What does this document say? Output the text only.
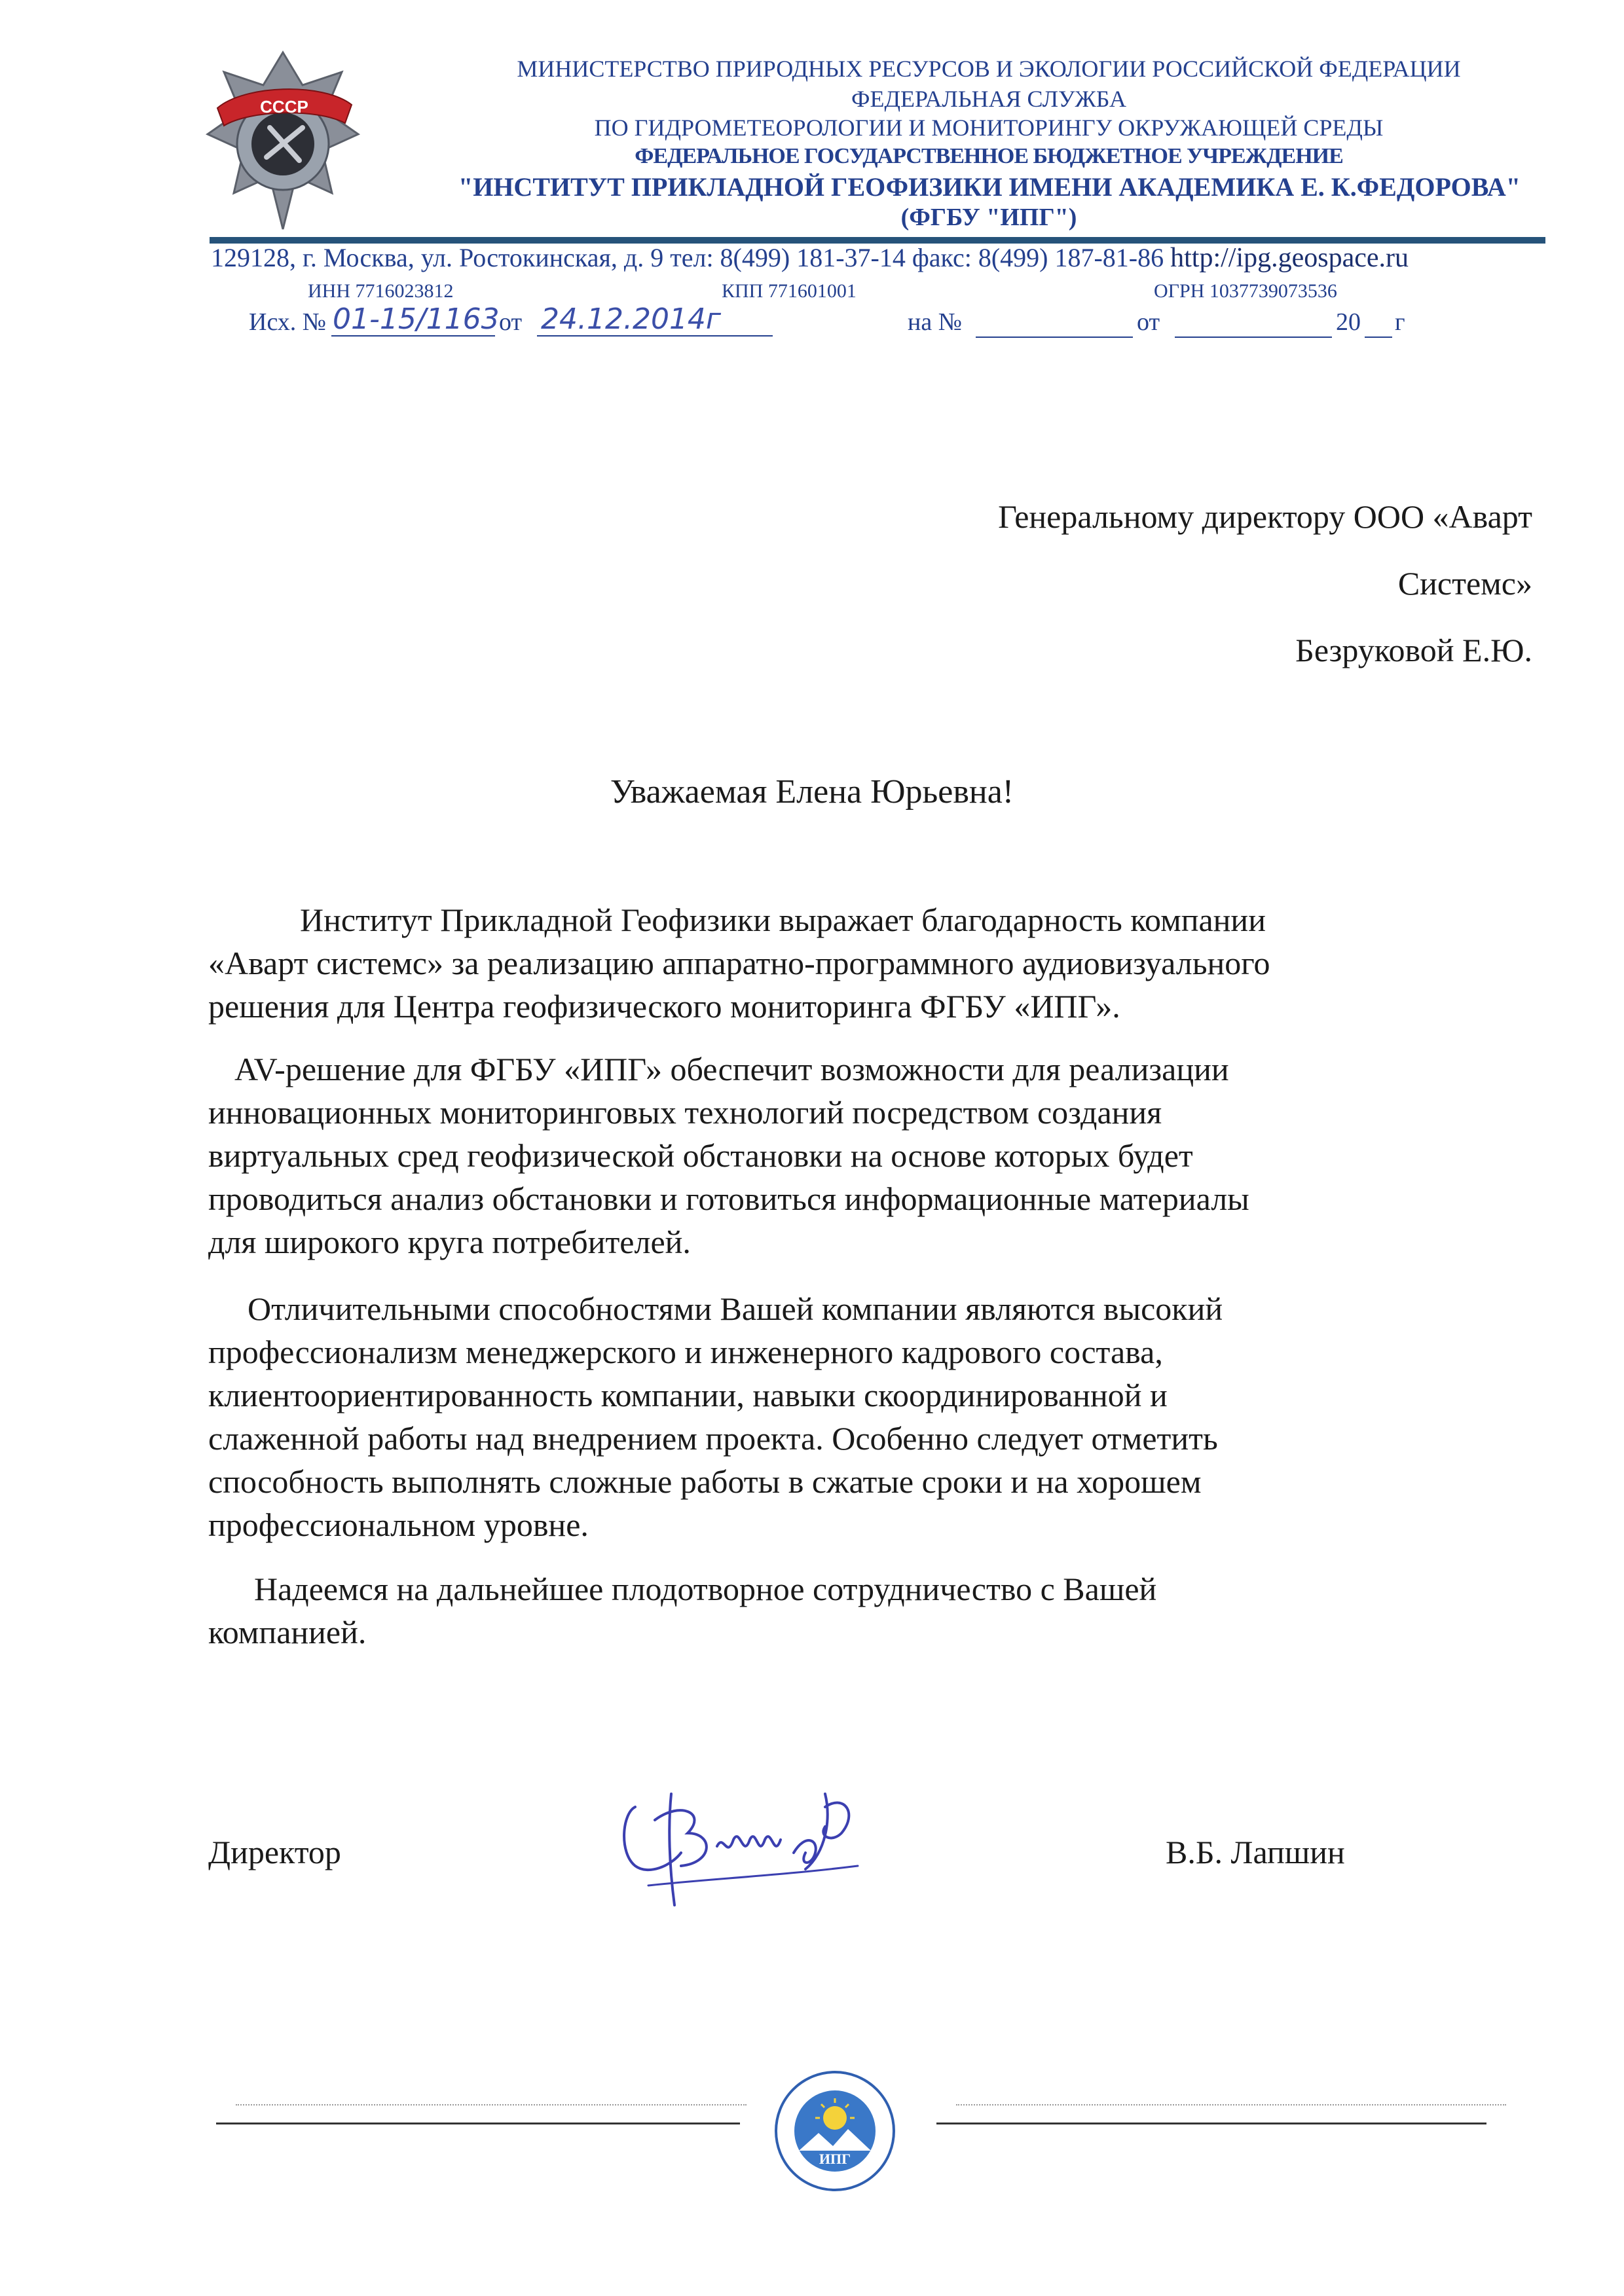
СССР
МИНИСТЕРСТВО ПРИРОДНЫХ РЕСУРСОВ И ЭКОЛОГИИ РОССИЙСКОЙ ФЕДЕРАЦИИ
ФЕДЕРАЛЬНАЯ СЛУЖБА
ПО ГИДРОМЕТЕОРОЛОГИИ И МОНИТОРИНГУ ОКРУЖАЮЩЕЙ СРЕДЫ
ФЕДЕРАЛЬНОЕ ГОСУДАРСТВЕННОЕ БЮДЖЕТНОЕ УЧРЕЖДЕНИЕ
"ИНСТИТУТ ПРИКЛАДНОЙ ГЕОФИЗИКИ ИМЕНИ АКАДЕМИКА Е. К.ФЕДОРОВА"
(ФГБУ "ИПГ")
129128, г. Москва, ул. Ростокинская, д. 9 тел: 8(499) 181-37-14 факс: 8(499) 187-81-86 http://ipg.geospace.ru
ИНН 7716023812	КПП 771601001	ОГРН 1037739073536
Исх. № 01-15/1163 от 24.12.2014г	на №	от	20 г
Генеральному директору ООО «Аварт
Системс»
Безруковой Е.Ю.
Уважаемая Елена Юрьевна!
Институт Прикладной Геофизики выражает благодарность компании
«Аварт системс» за реализацию аппаратно-программного аудиовизуального
решения для Центра геофизического мониторинга ФГБУ «ИПГ».
AV-решение для ФГБУ «ИПГ» обеспечит возможности для реализации
инновационных мониторинговых технологий посредством создания
виртуальных сред геофизической обстановки на основе которых будет
проводиться анализ обстановки и готовиться информационные материалы
для широкого круга потребителей.
Отличительными способностями Вашей компании являются высокий
профессионализм менеджерского и инженерного кадрового состава,
клиентоориентированность компании, навыки скоординированной и
слаженной работы над внедрением проекта. Особенно следует отметить
способность выполнять сложные работы в сжатые сроки и на хорошем
профессиональном уровне.
Надеемся на дальнейшее плодотворное сотрудничество с Вашей
компанией.
Директор	В.Б. Лапшин
ИПГ
